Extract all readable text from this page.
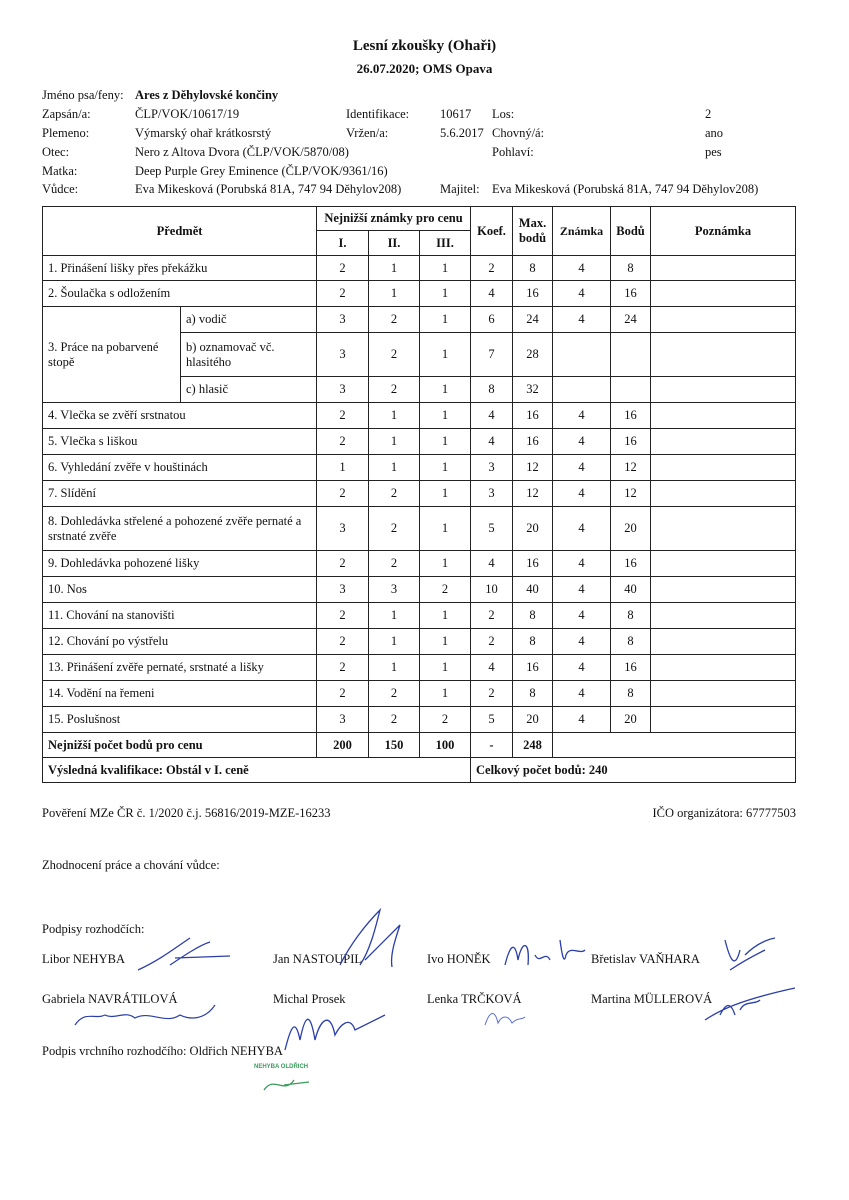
Lesní zkoušky (Ohaři)
26.07.2020; OMS Opava
Jméno psa/feny: Ares z Děhylovské končiny
Zapsán/a:	ČLP/VOK/10617/19	Identifikace: 10617 Los:	2
Plemeno:	Výmarský ohař krátkosrstý	Vržen/a:	5.6.2017 Chovný/á:	ano
Otec:	Nero z Altova Dvora (ČLP/VOK/5870/08)	Pohlaví:	pes
Matka:	Deep Purple Grey Eminence (ČLP/VOK/9361/16)
Vůdce:	Eva Mikesková (Porubská 81A, 747 94 Děhylov208)	Majitel: Eva Mikesková (Porubská 81A, 747 94 Děhylov208)
Předmět		Nejnižší známky pro cenu			Koef.	Max. bodů	Známka	Bodů	Poznámka
		I.	II.	III.					
1. Přinášení lišky přes překážku		2	1	1	2	8	4	8	
2. Šoulačka s odložením		2	1	1	4	16	4	16	
3. Práce na pobarvené stopě	a) vodič	3	2	1	6	24	4	24	
	b) oznamovač vč. hlasitého	3	2	1	7	28			
	c) hlasič	3	2	1	8	32			
4. Vlečka se zvěří srstnatou		2	1	1	4	16	4	16	
5. Vlečka s liškou		2	1	1	4	16	4	16	
6. Vyhledání zvěře v houštinách		1	1	1	3	12	4	12	
7. Slídění		2	2	1	3	12	4	12	
8. Dohledávka střelené a pohozené zvěře pernaté a srstnaté zvěře		3	2	1	5	20	4	20	
9. Dohledávka pohozené lišky		2	2	1	4	16	4	16	
10. Nos		3	3	2	10	40	4	40	
11. Chování na stanovišti		2	1	1	2	8	4	8	
12. Chování po výstřelu		2	1	1	2	8	4	8	
13. Přinášení zvěře pernaté, srstnaté a lišky		2	1	1	4	16	4	16	
14. Vodění na řemeni		2	2	1	2	8	4	8	
15. Poslušnost		3	2	2	5	20	4	20	
Nejnižší počet bodů pro cenu		200	150	100	-	248			
Výsledná kvalifikace: Obstál v I. ceně					Celkový počet bodů: 240				
Pověření MZe ČR č. 1/2020 č.j. 56816/2019-MZE-16233	IČO organizátora: 67777503
Zhodnocení práce a chování vůdce:
Podpisy rozhodčích:
Libor NEHYBA	Jan NASTOUPIL	Ivo HONĚK	Břetislav VAŇHARA
Gabriela NAVRÁTILOVÁ	Michal Prosek	Lenka TRČKOVÁ	Martina MÜLLEROVÁ
Podpis vrchního rozhodčího: Oldřich NEHYBA
NEHYBA OLDŘICH
